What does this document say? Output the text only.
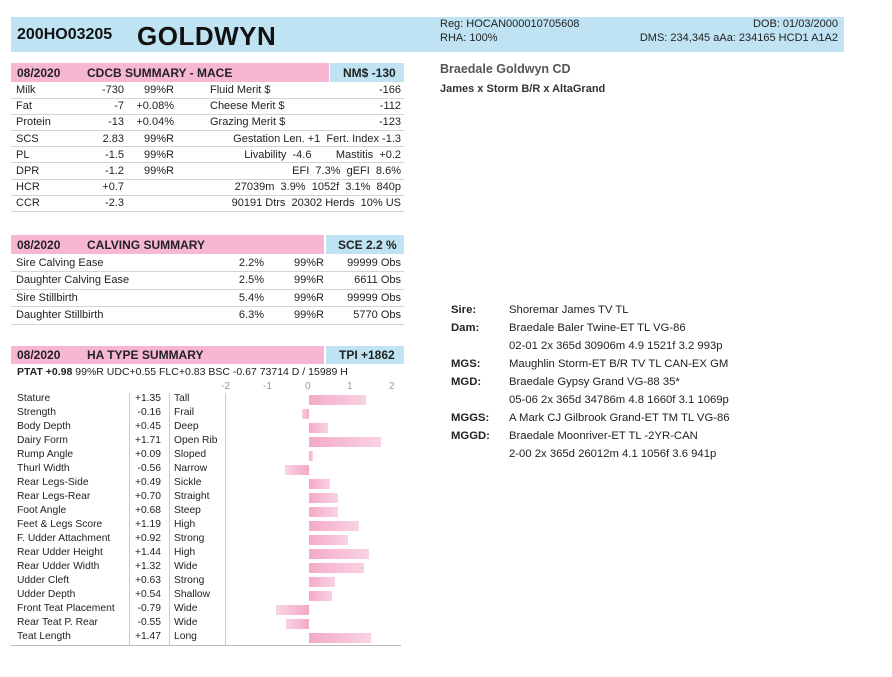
200HO03205 GOLDWYN	Reg: HOCAN000010705608
RHA: 100%
DOB: 01/03/2000
DMS: 234,345 aAa: 234165 HCD1 A1A2
Braedale Goldwyn CD
James x Storm B/R x AltaGrand
08/2020 CDCB SUMMARY - MACE	NM$ -130
Milk	-730	99%R	Fluid Merit $	-166
Fat	-7	+0.08%	Cheese Merit $	-112
Protein	-13	+0.04%	Grazing Merit $	-123
SCS	2.83	99%R	Gestation Len. +1  Fert. Index -1.3	
PL	-1.5	99%R	Livability  -4.6        Mastitis  +0.2	
DPR	-1.2	99%R	EFI  7.3%  gEFI  8.6%	
HCR	+0.7		27039m  3.9%  1052f  3.1%  840p	
CCR	-2.3		90191 Dtrs  20302 Herds  10% US	
08/2020 CALVING SUMMARY	SCE 2.2 %
Sire Calving Ease	2.2%	99%R	99999 Obs
Daughter Calving Ease	2.5%	99%R	6611 Obs
Sire Stillbirth	5.4%	99%R	99999 Obs
Daughter Stillbirth	6.3%	99%R	5770 Obs
08/2020 HA TYPE SUMMARY	TPI +1862
PTAT +0.98 99%R UDC+0.55 FLC+0.83 BSC -0.67 73714 D / 15989 H
-2	-1	0	1	2
Stature	+1.35 Tall
Strength	-0.16 Frail
Body Depth	+0.45 Deep
Dairy Form	+1.71 Open Rib
Rump Angle	+0.09 Sloped
Thurl Width	-0.56 Narrow
Rear Legs-Side	+0.49 Sickle
Rear Legs-Rear	+0.70 Straight
Foot Angle	+0.68 Steep
Feet & Legs Score	+1.19 High
F. Udder Attachment +0.92 Strong
Rear Udder Height	+1.44 High
Rear Udder Width	+1.32 Wide
Udder Cleft	+0.63 Strong
Udder Depth	+0.54 Shallow
Front Teat Placement -0.79 Wide
Rear Teat P. Rear	-0.55 Wide
Teat Length	+1.47 Long
Sire:	Shoremar James TV TL
Dam:	Braedale Baler Twine-ET TL VG-86
02-01 2x 365d 30906m 4.9 1521f 3.2 993p
MGS:	Maughlin Storm-ET B/R TV TL CAN-EX GM
MGD: Braedale Gypsy Grand VG-88 35*
05-06 2x 365d 34786m 4.8 1660f 3.1 1069p
MGGS: A Mark CJ Gilbrook Grand-ET TM TL VG-86
MGGD: Braedale Moonriver-ET TL -2YR-CAN
2-00 2x 365d 26012m 4.1 1056f 3.6 941p
